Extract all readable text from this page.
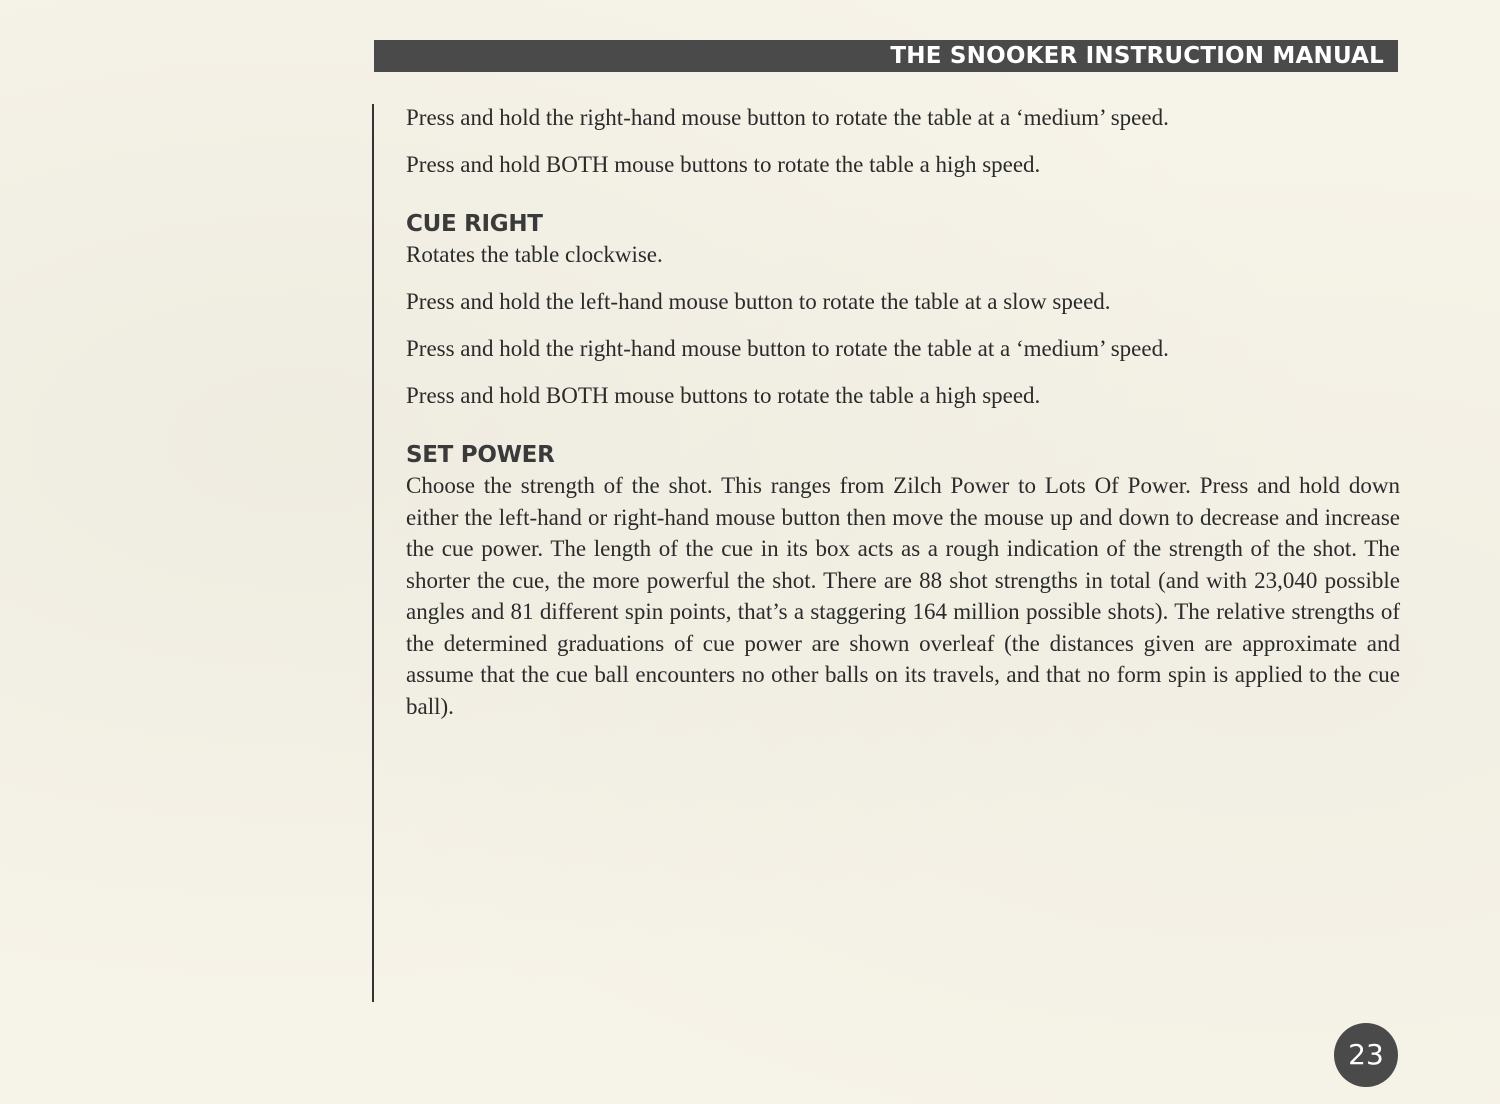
THE SNOOKER INSTRUCTION MANUAL

Press and hold the right-hand mouse button to rotate the table at a ‘medium’ speed.

Press and hold BOTH mouse buttons to rotate the table a high speed.

CUE RIGHT

Rotates the table clockwise.

Press and hold the left-hand mouse button to rotate the table at a slow speed.

Press and hold the right-hand mouse button to rotate the table at a ‘medium’ speed.

Press and hold BOTH mouse buttons to rotate the table a high speed.

SET POWER

Choose the strength of the shot. This ranges from Zilch Power to Lots Of Power. Press and hold down either the left-hand or right-hand mouse button then move the mouse up and down to decrease and increase the cue power. The length of the cue in its box acts as a rough indication of the strength of the shot. The shorter the cue, the more powerful the shot. There are 88 shot strengths in total (and with 23,040 possible angles and 81 different spin points, that’s a staggering 164 million possible shots). The relative strengths of the determined graduations of cue power are shown overleaf (the distances given are approximate and assume that the cue ball encounters no other balls on its travels, and that no form spin is applied to the cue ball).

23
